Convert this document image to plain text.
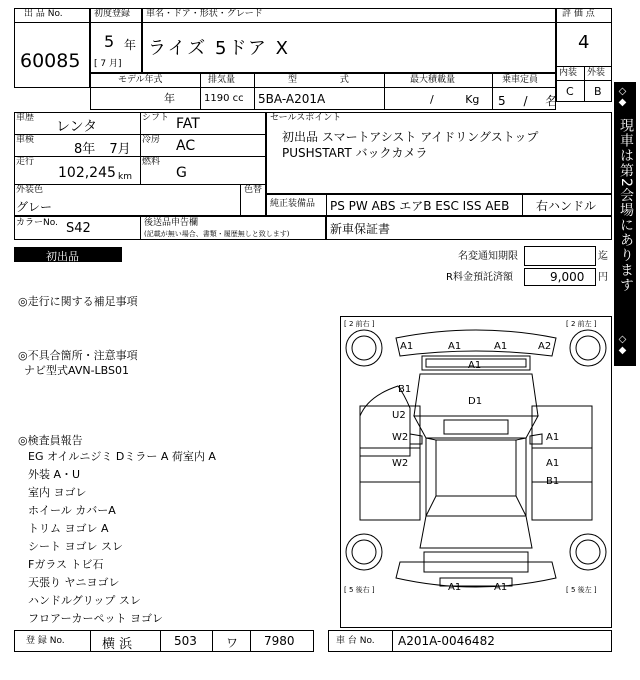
出 品 No.
60085
初度登録
5 年
[ 7 月]
車名・ドア・形状・グレード
ライズ 5ドア X
モデル年式
年
排気量
1190 cc
型 式
5BA-A201A
最大積載量
/ Kg
乗車定員
5 / 名
評 価 点
4
内装 外装
C B
車歴
レンタ
車検
8年 7月
走行
102,245 km
シフト FAT
冷房 AC
燃料
G
外装色
グレー
色替
カラーNo. S42	後送品申告欄
(記載が無い場合、書類・履歴無しと致します)
セールスポイント
初出品 スマートアシスト アイドリングストップ
PUSHSTART バックカメラ
純正装備品 PS PW ABS エアB ESC ISS AEB 右ハンドル
新車保証書
初出品	名変通知期限	迄
R料金預託済額	9,000 円
◎走行に関する補足事項
◎不具合箇所・注意事項
ナビ型式AVN-LBS01
◎検査員報告
EG オイルニジミ Dミラー A 荷室内 A
外装 A・U
室内 ヨゴレ
ホイール カバーA
トリム ヨゴレ A
シート ヨゴレ スレ
Fガラス トビ石
天張り ヤニヨゴレ
ハンドルグリップ スレ
フロアーカーペット ヨゴレ
[ 2 前右 ]	[ 2 前左 ]
[ 5 後右 ]	[ 5 後左 ]
A1	A1	A1	A2
A1
D1
B1
U2
W2
W2
A1
A1
B1
A1	A1
◇◆
現車は第2会場にあります
◇◆
登 録 No.	横 浜	503 ワ 7980	車 台 No. A201A-0046482
